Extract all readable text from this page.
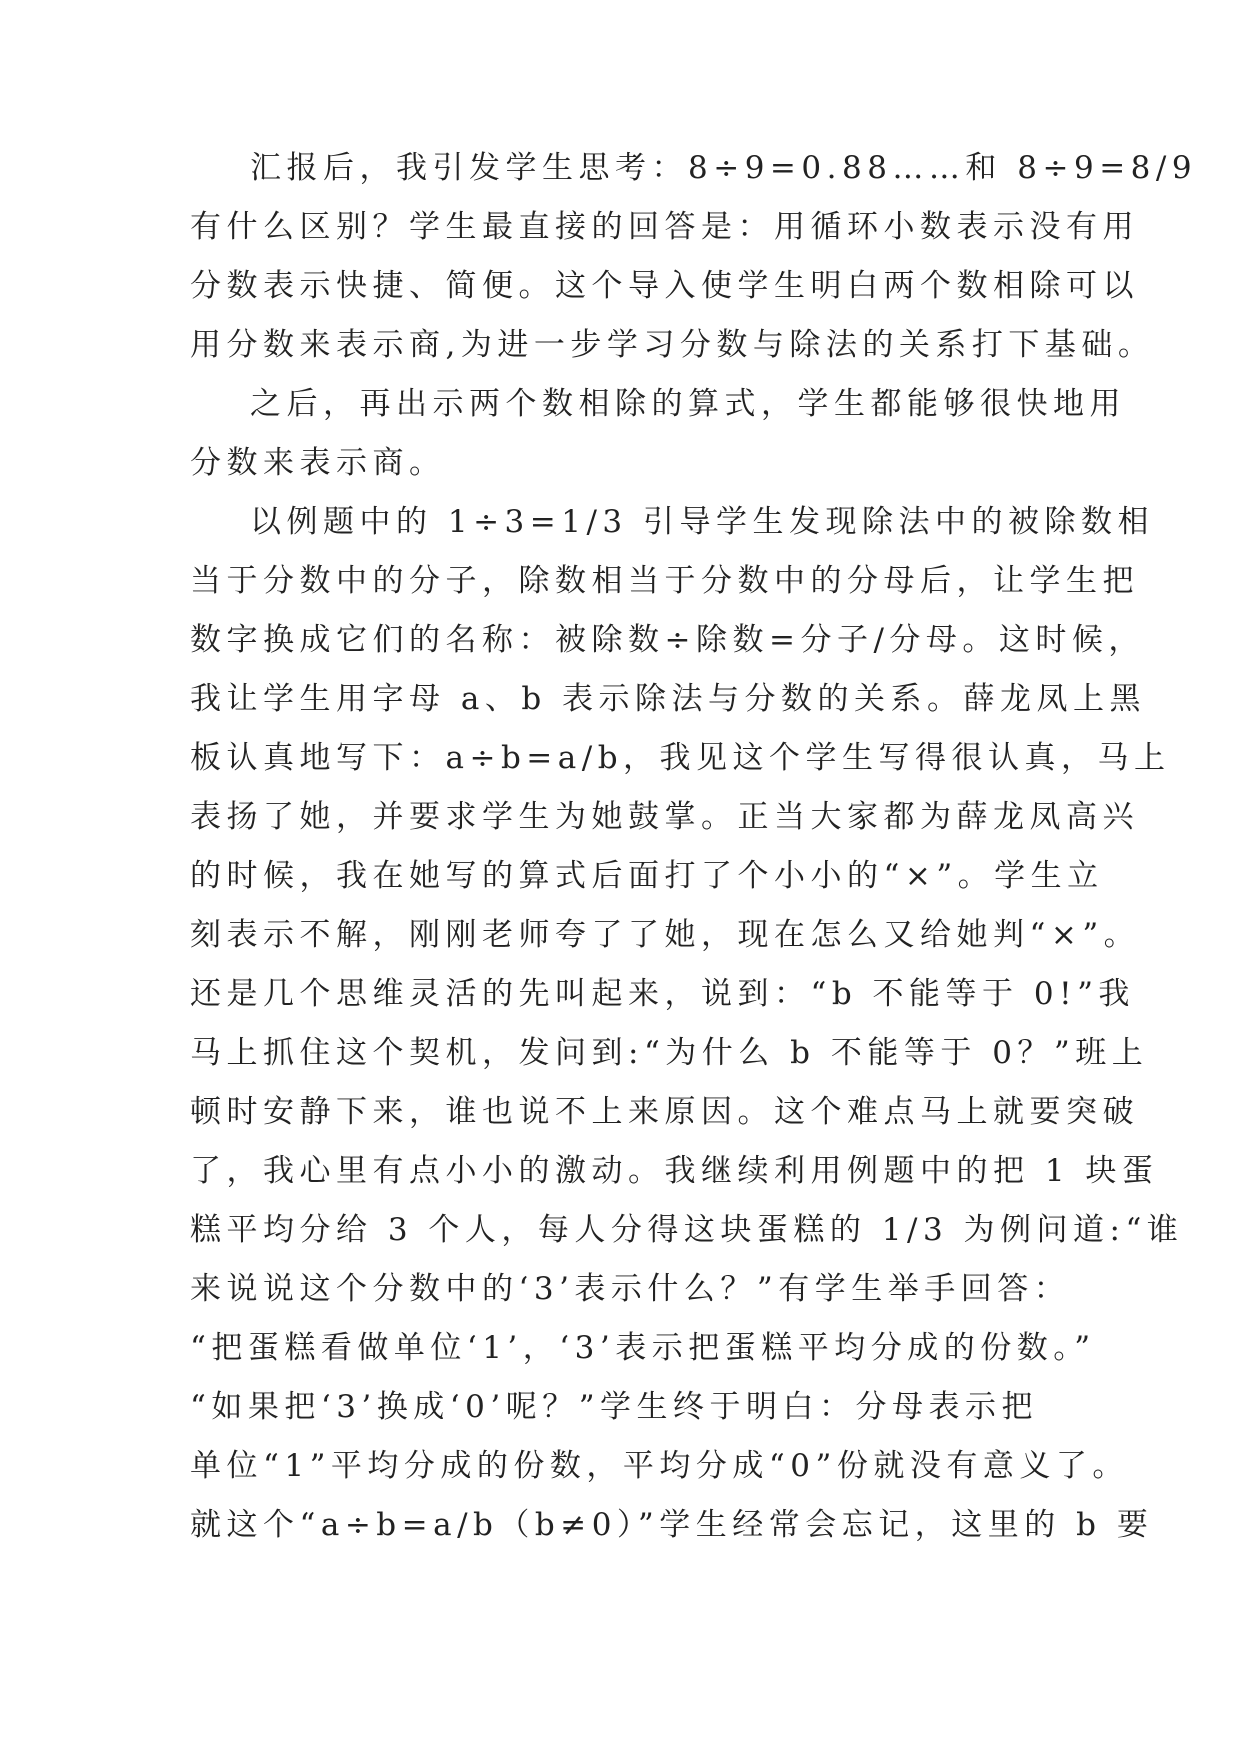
汇报后，我引发学生思考：8÷9=0.88……和 8÷9=8/9
有什么区别？学生最直接的回答是：用循环小数表示没有用
分数表示快捷、简便。这个导入使学生明白两个数相除可以
用分数来表示商,为进一步学习分数与除法的关系打下基础。
之后，再出示两个数相除的算式，学生都能够很快地用
分数来表示商。
以例题中的 1÷3=1/3 引导学生发现除法中的被除数相
当于分数中的分子，除数相当于分数中的分母后，让学生把
数字换成它们的名称：被除数÷除数=分子/分母。这时候，
我让学生用字母 a、b 表示除法与分数的关系。薛龙凤上黑
板认真地写下：a÷b=a/b，我见这个学生写得很认真，马上
表扬了她，并要求学生为她鼓掌。正当大家都为薛龙凤高兴
的时候，我在她写的算式后面打了个小小的“×”。学生立
刻表示不解，刚刚老师夸了了她，现在怎么又给她判“×”。
还是几个思维灵活的先叫起来，说到：“b 不能等于 0!”我
马上抓住这个契机，发问到:“为什么 b 不能等于 0？”班上
顿时安静下来，谁也说不上来原因。这个难点马上就要突破
了，我心里有点小小的激动。我继续利用例题中的把 1 块蛋
糕平均分给 3 个人，每人分得这块蛋糕的 1/3 为例问道:“谁
来说说这个分数中的‘3’表示什么？”有学生举手回答：
“把蛋糕看做单位‘1’，‘3’表示把蛋糕平均分成的份数。”
“如果把‘3’换成‘0’呢？”学生终于明白：分母表示把
单位“1”平均分成的份数，平均分成“0”份就没有意义了。
就这个“a÷b=a/b（b≠0）”学生经常会忘记，这里的 b 要
